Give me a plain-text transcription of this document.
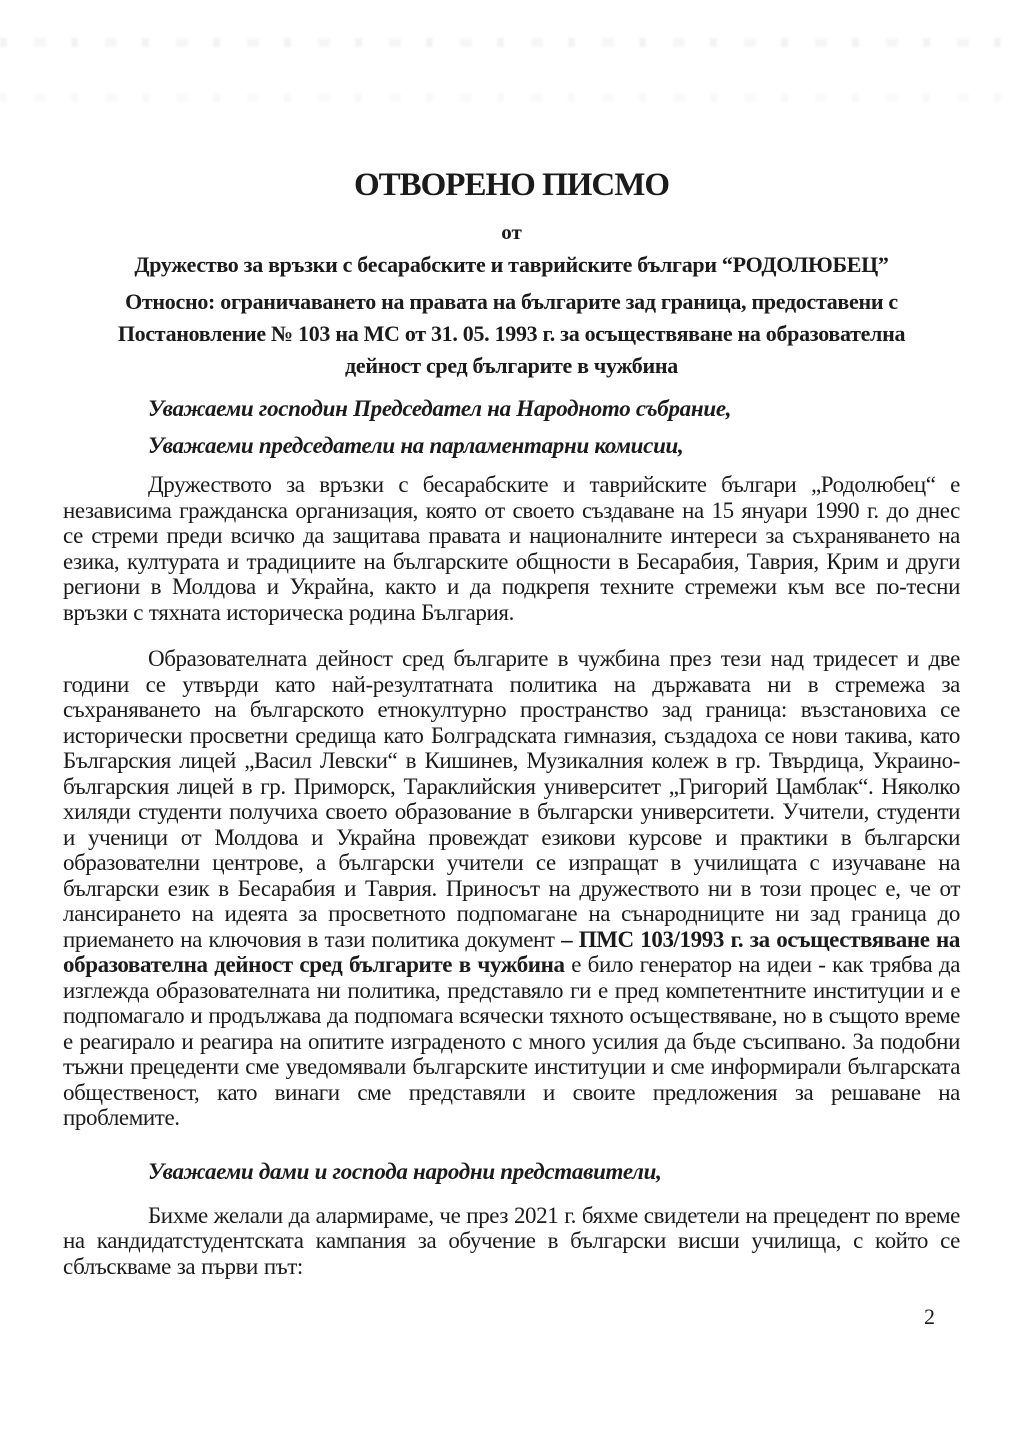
ОТВОРЕНО ПИСМО
от
Дружество за връзки с бесарабските и таврийските българи “РОДОЛЮБЕЦ”
Относно: ограничаването на правата на българите зад граница, предоставени с
Постановление № 103 на МС от 31. 05. 1993 г. за осъществяване на образователна
дейност сред българите в чужбина
Уважаеми господин Председател на Народното събрание,
Уважаеми председатели на парламентарни комисии,

Дружеството за връзки с бесарабските и таврийските българи „Родолюбец“ е независима гражданска организация, която от своето създаване на 15 януари 1990 г. до днес се стреми преди всичко да защитава правата и националните интереси за съхраняването на езика, културата и традициите на българските общности в Бесарабия, Таврия, Крим и други региони в Молдова и Украйна, както и да подкрепя техните стремежи към все по-тесни връзки с тяхната историческа родина България.

Образователната дейност сред българите в чужбина през тези над тридесет и две години се утвърди като най-резултатната политика на държавата ни в стремежа за съхраняването на българското етнокултурно пространство зад граница: възстановиха се исторически просветни средища като Болградската гимназия, създадоха се нови такива, като Българския лицей „Васил Левски“ в Кишинев, Музикалния колеж в гр. Твърдица, Украино-българския лицей в гр. Приморск, Тараклийския университет „Григорий Цамблак“. Няколко хиляди студенти получиха своето образование в български университети. Учители, студенти и ученици от Молдова и Украйна провеждат езикови курсове и практики в български образователни центрове, а български учители се изпращат в училищата с изучаване на български език в Бесарабия и Таврия. Приносът на дружеството ни в този процес е, че от лансирането на идеята за просветното подпомагане на сънародниците ни зад граница до приемането на ключовия в тази политика документ – ПМС 103/1993 г. за осъществяване на образователна дейност сред българите в чужбина е било генератор на идеи - как трябва да изглежда образователната ни политика, представяло ги е пред компетентните институции и е подпомагало и продължава да подпомага всячески тяхното осъществяване, но в същото време е реагирало и реагира на опитите изграденото с много усилия да бъде съсипвано. За подобни тъжни прецеденти сме уведомявали българските институции и сме информирали българската общественост, като винаги сме представяли и своите предложения за решаване на проблемите.

Уважаеми дами и господа народни представители,

Бихме желали да алармираме, че през 2021 г. бяхме свидетели на прецедент по време на кандидатстудентската кампания за обучение в български висши училища, с който се сблъскваме за първи път:

2
